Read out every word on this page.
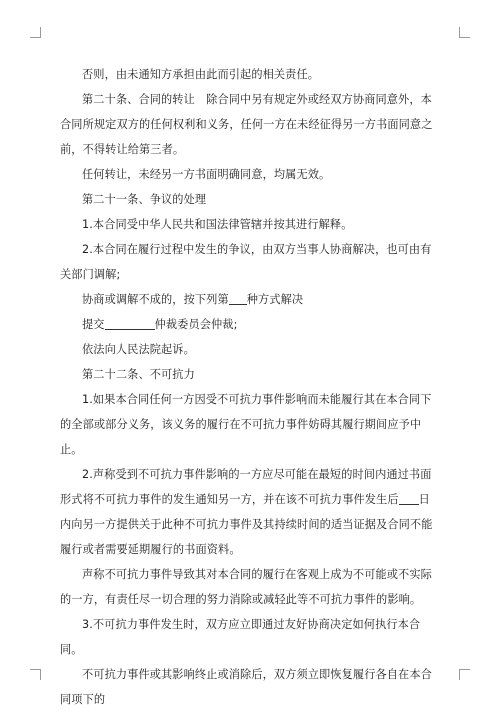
否则，由未通知方承担由此而引起的相关责任。

第二十条、合同的转让　除合同中另有规定外或经双方协商同意外，本合同所规定双方的任何权利和义务，任何一方在未经征得另一方书面同意之前，不得转让给第三者。

任何转让，未经另一方书面明确同意，均属无效。

第二十一条、争议的处理

1.本合同受中华人民共和国法律管辖并按其进行解释。

2.本合同在履行过程中发生的争议，由双方当事人协商解决，也可由有关部门调解;

协商或调解不成的，按下列第 种方式解决

提交	仲裁委员会仲裁;

依法向人民法院起诉。

第二十二条、不可抗力

1.如果本合同任何一方因受不可抗力事件影响而未能履行其在本合同下的全部或部分义务，该义务的履行在不可抗力事件妨碍其履行期间应予中止。

2.声称受到不可抗力事件影响的一方应尽可能在最短的时间内通过书面形式将不可抗力事件的发生通知另一方，并在该不可抗力事件发生后 日内向另一方提供关于此种不可抗力事件及其持续时间的适当证据及合同不能履行或者需要延期履行的书面资料。

声称不可抗力事件导致其对本合同的履行在客观上成为不可能或不实际的一方，有责任尽一切合理的努力消除或减轻此等不可抗力事件的影响。

3.不可抗力事件发生时，双方应立即通过友好协商决定如何执行本合同。

不可抗力事件或其影响终止或消除后，双方须立即恢复履行各自在本合同项下的
